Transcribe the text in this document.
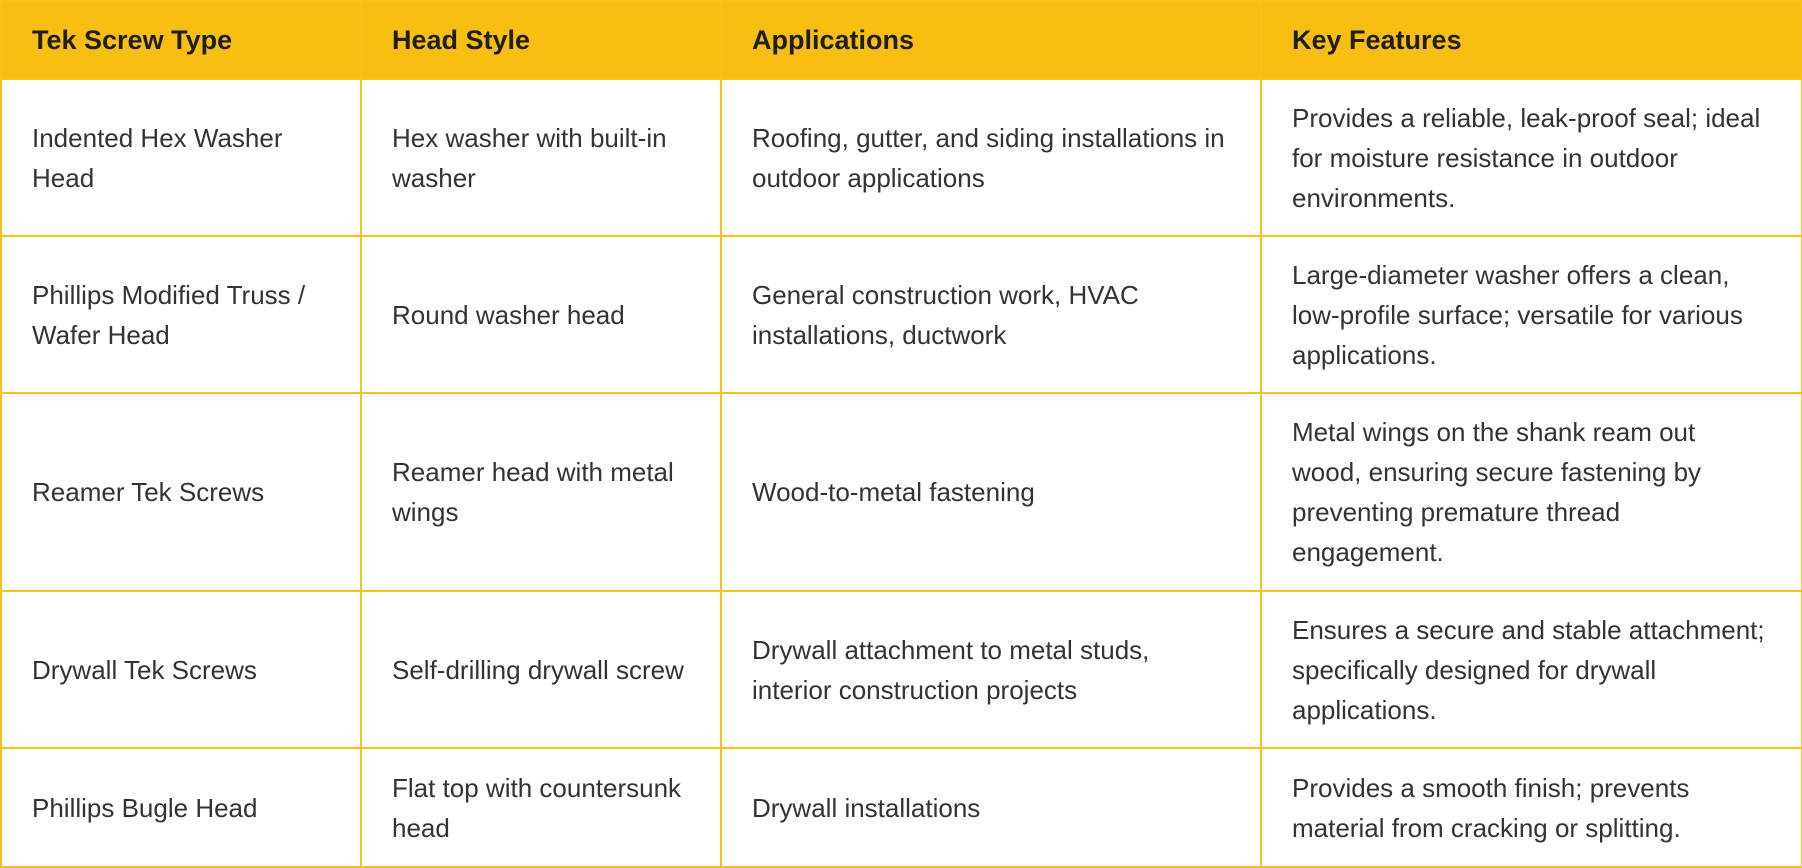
Tek Screw Type	Head Style	Applications	Key Features
Indented Hex Washer Head	Hex washer with built-in washer	Roofing, gutter, and siding installations in outdoor applications	Provides a reliable, leak-proof seal; ideal for moisture resistance in outdoor environments.
Phillips Modified Truss / Wafer Head	Round washer head	General construction work, HVAC installations, ductwork	Large-diameter washer offers a clean, low-profile surface; versatile for various applications.
Reamer Tek Screws	Reamer head with metal wings	Wood-to-metal fastening	Metal wings on the shank ream out wood, ensuring secure fastening by preventing premature thread engagement.
Drywall Tek Screws	Self-drilling drywall screw	Drywall attachment to metal studs, interior construction projects	Ensures a secure and stable attachment; specifically designed for drywall applications.
Phillips Bugle Head	Flat top with countersunk head	Drywall installations	Provides a smooth finish; prevents material from cracking or splitting.
